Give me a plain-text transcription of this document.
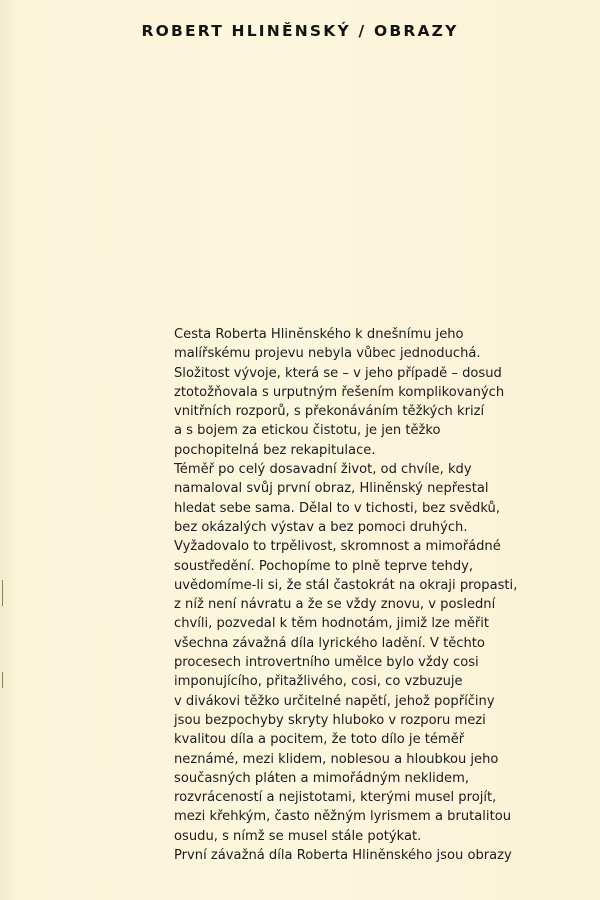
ROBERT HLINĚNSKÝ / OBRAZY
Cesta Roberta Hlinĕnského k dnešnímu jeho
malířskému projevu nebyla vůbec jednoduchá.
Složitost vývoje, která se – v jeho případě – dosud
ztotožňovala s urputným řešením komplikovaných
vnitřních rozporů, s překonáváním těžkých krizí
a s bojem za etickou čistotu, je jen těžko
pochopitelná bez rekapitulace.
Téměř po celý dosavadní život, od chvíle, kdy
namaloval svůj první obraz, Hliněnský nepřestal
hledat sebe sama. Dělal to v tichosti, bez svědků,
bez okázalých výstav a bez pomoci druhých.
Vyžadovalo to trpělivost, skromnost a mimořádné
soustředění. Pochopíme to plně teprve tehdy,
uvědomíme-li si, že stál častokrát na okraji propasti,
z níž není návratu a že se vždy znovu, v poslední
chvíli, pozvedal k těm hodnotám, jimiž lze měřit
všechna závažná díla lyrického ladění. V těchto
procesech introvertního umělce bylo vždy cosi
imponujícího, přitažlivého, cosi, co vzbuzuje
v divákovi těžko určitelné napětí, jehož popříčiny
jsou bezpochyby skryty hluboko v rozporu mezi
kvalitou díla a pocitem, že toto dílo je téměř
neznámé, mezi klidem, noblesou a hloubkou jeho
současných pláten a mimořádným neklidem,
rozvráceností a nejistotami, kterými musel projít,
mezi křehkým, často něžným lyrismem a brutalitou
osudu, s nímž se musel stále potýkat.
První závažná díla Roberta Hliněnského jsou obrazy
